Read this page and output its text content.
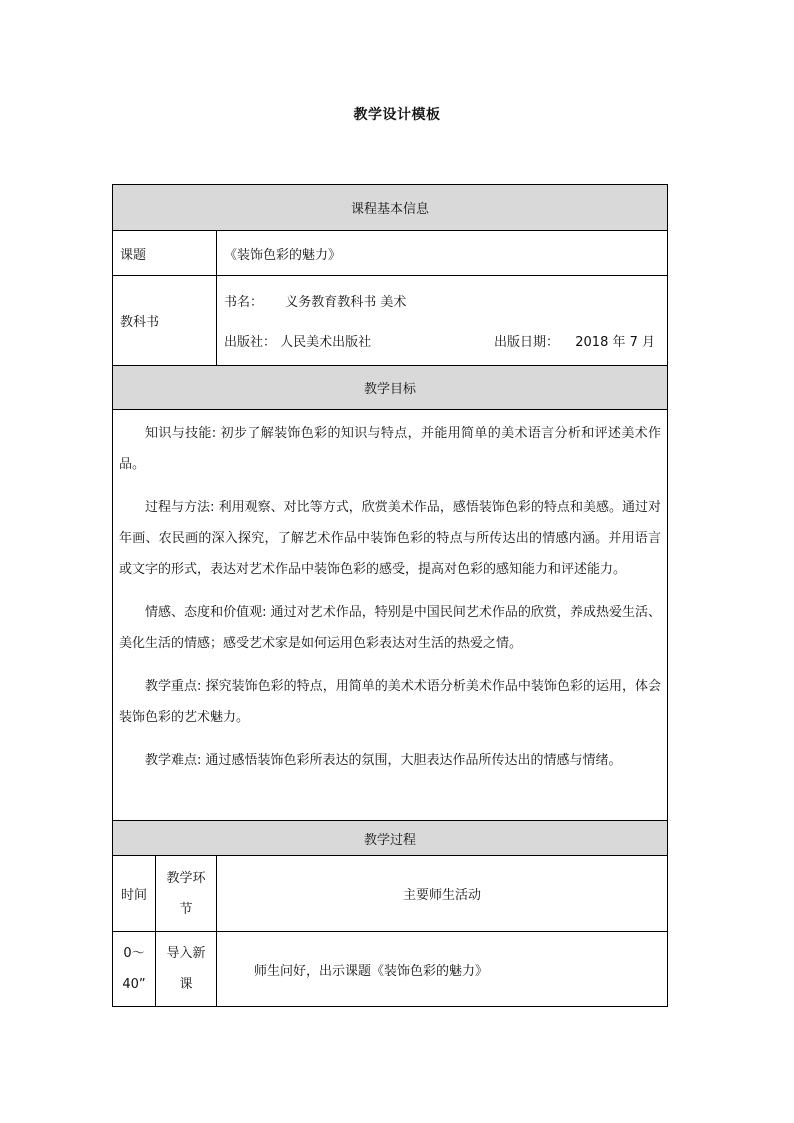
教学设计模板
课程基本信息		
课题		《装饰色彩的魅力》
教科书		书名： 义务教育教科书 美术
出版社： 人民美术出版社 出版日期： 2018 年 7 月

教学目标		

知识与技能: 初步了解装饰色彩的知识与特点，并能用简单的美术语言分析和评述美术作品。

过程与方法: 利用观察、对比等方式，欣赏美术作品，感悟装饰色彩的特点和美感。通过对年画、农民画的深入探究，了解艺术作品中装饰色彩的特点与所传达出的情感内涵。并用语言或文字的形式，表达对艺术作品中装饰色彩的感受，提高对色彩的感知能力和评述能力。

情感、态度和价值观: 通过对艺术作品，特别是中国民间艺术作品的欣赏，养成热爱生活、美化生活的情感；感受艺术家是如何运用色彩表达对生活的热爱之情。

教学重点: 探究装饰色彩的特点，用简单的美术术语分析美术作品中装饰色彩的运用，体会装饰色彩的艺术魅力。

教学难点: 通过感悟装饰色彩所表达的氛围，大胆表达作品所传达出的情感与情绪。		

教学过程		
时间	教学环节	主要师生活动
0～40”	导入新课	师生问好，出示课题《装饰色彩的魅力》
